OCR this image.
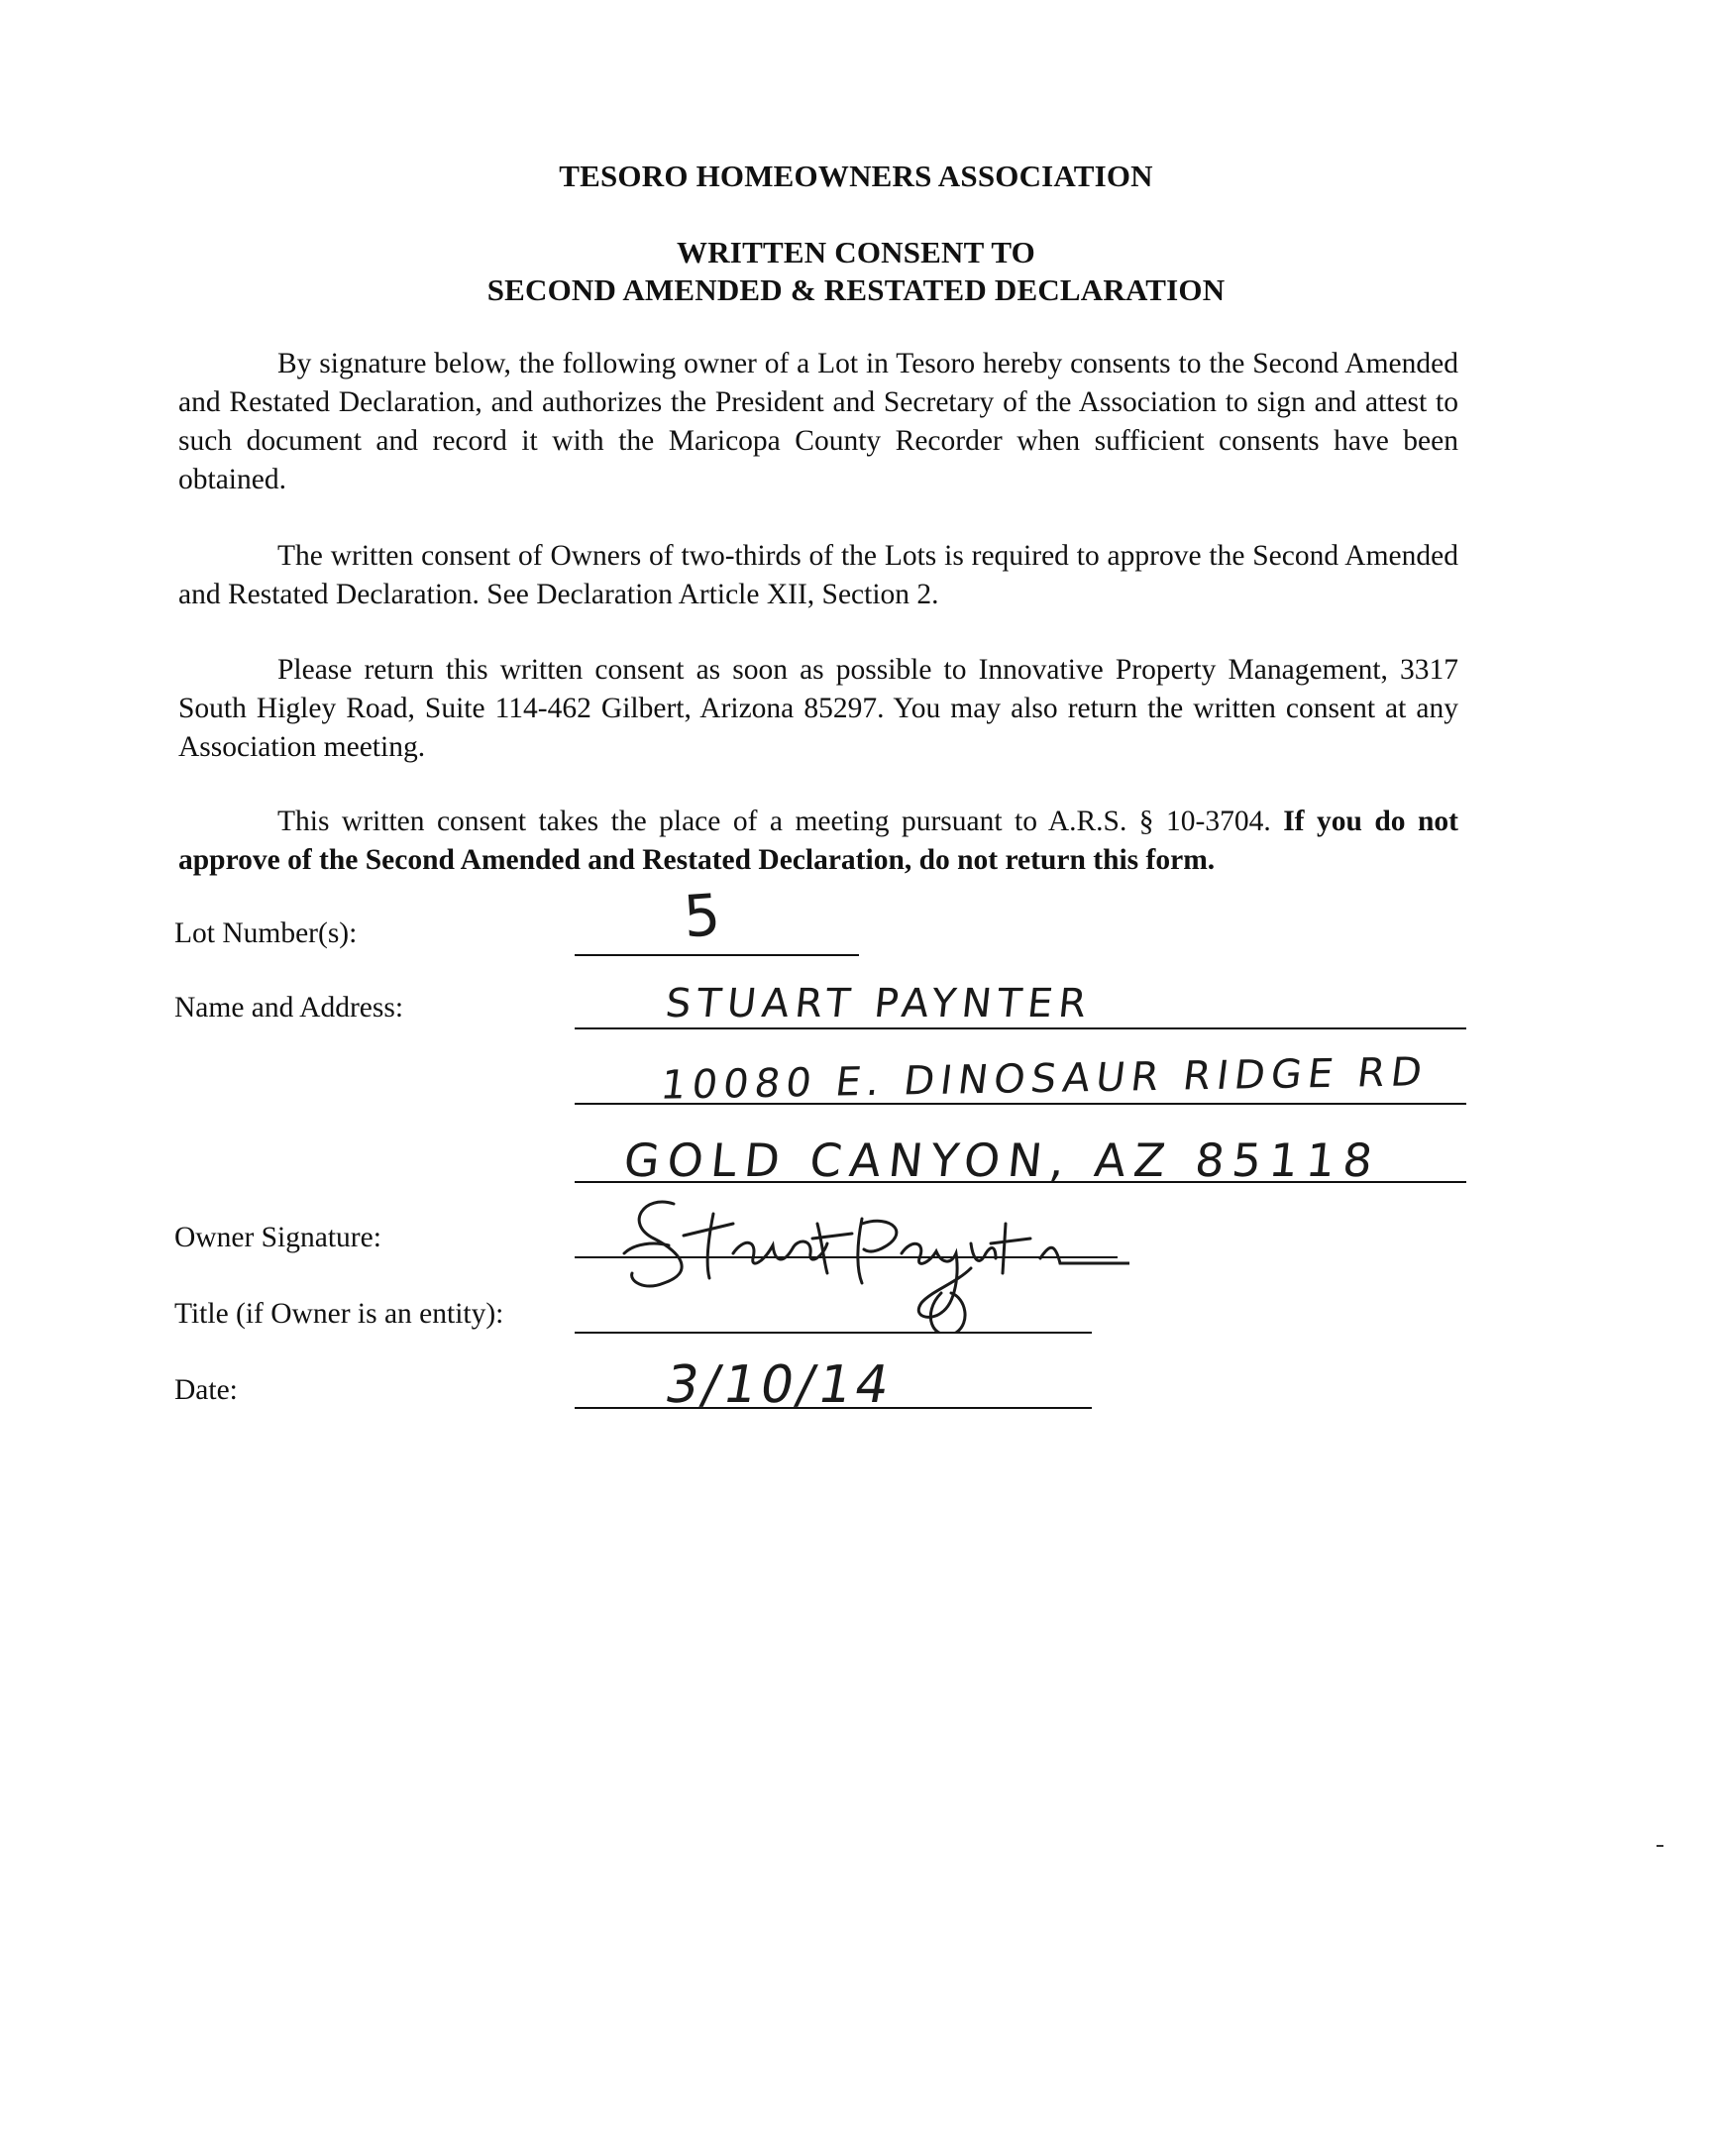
TESORO HOMEOWNERS ASSOCIATION
WRITTEN CONSENT TO
SECOND AMENDED & RESTATED DECLARATION
By signature below, the following owner of a Lot in Tesoro hereby consents to the Second Amended and Restated Declaration, and authorizes the President and Secretary of the Association to sign and attest to such document and record it with the Maricopa County Recorder when sufficient consents have been obtained.
The written consent of Owners of two-thirds of the Lots is required to approve the Second Amended and Restated Declaration. See Declaration Article XII, Section 2.
Please return this written consent as soon as possible to Innovative Property Management, 3317 South Higley Road, Suite 114-462 Gilbert, Arizona 85297. You may also return the written consent at any Association meeting.
This written consent takes the place of a meeting pursuant to A.R.S. § 10-3704. If you do not approve of the Second Amended and Restated Declaration, do not return this form.
Lot Number(s):
Name and Address:
Owner Signature:
Title (if Owner is an entity):
Date:
5
STUART PAYNTER
10080 E. DINOSAUR RIDGE RD
GOLD CANYON, AZ 85118
3/10/14
